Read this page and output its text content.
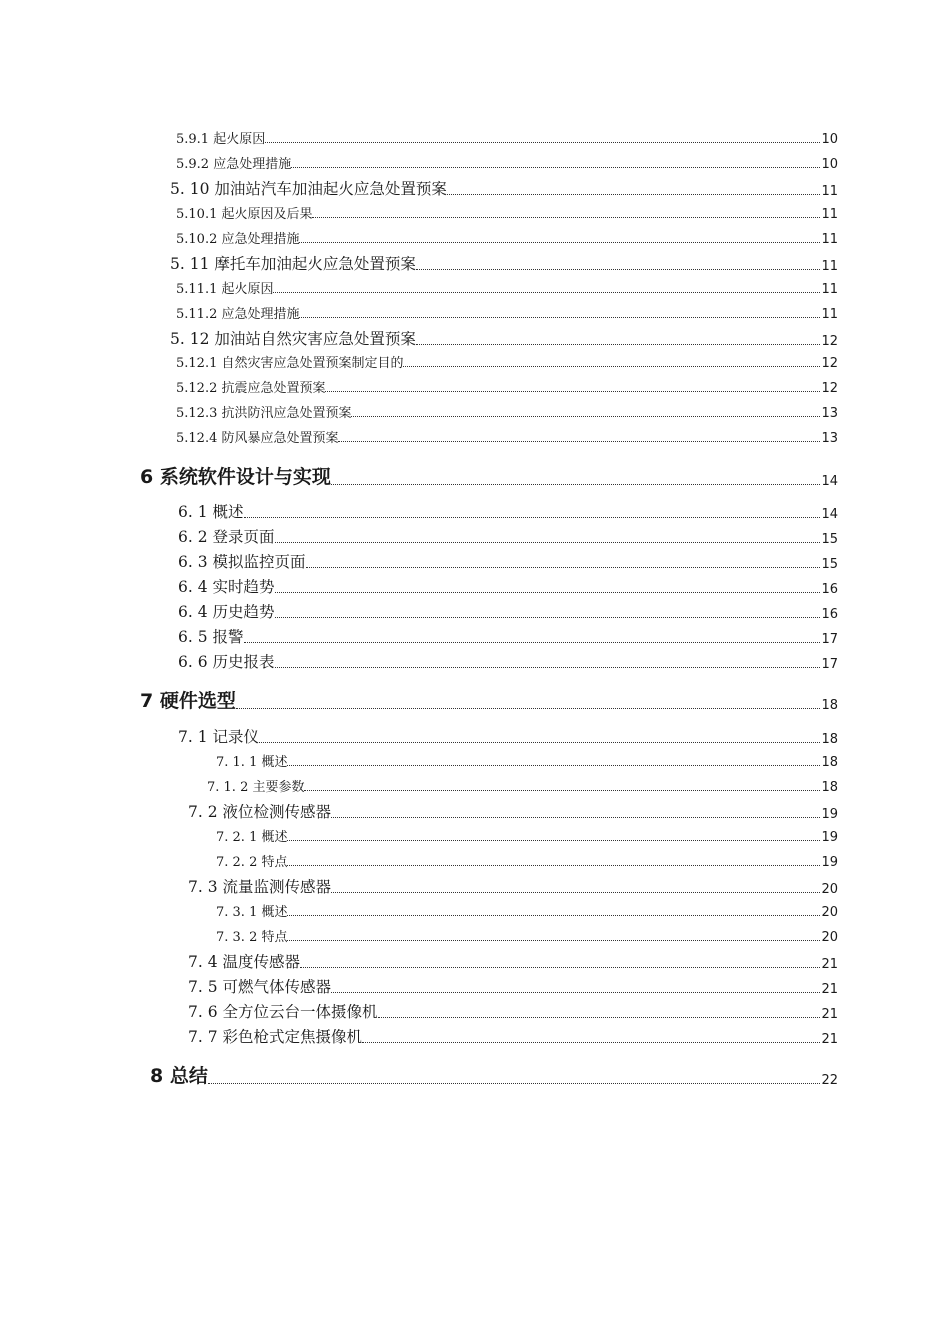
5.9.1 起火原因	10
5.9.2 应急处理措施	10
5. 10 加油站汽车加油起火应急处置预案	11
5.10.1 起火原因及后果	11
5.10.2 应急处理措施	11
5. 11 摩托车加油起火应急处置预案	11
5.11.1 起火原因	11
5.11.2 应急处理措施	11
5. 12 加油站自然灾害应急处置预案	12
5.12.1 自然灾害应急处置预案制定目的	12
5.12.2 抗震应急处置预案	12
5.12.3 抗洪防汛应急处置预案	13
5.12.4 防风暴应急处置预案	13
6 系统软件设计与实现	14
6. 1 概述	14
6. 2 登录页面	15
6. 3 模拟监控页面	15
6. 4 实时趋势	16
6. 4 历史趋势	16
6. 5 报警	17
6. 6 历史报表	17
7 硬件选型	18
7. 1 记录仪	18
7. 1. 1 概述	18
7. 1. 2 主要参数	18
7. 2 液位检测传感器	19
7. 2. 1 概述	19
7. 2. 2 特点	19
7. 3 流量监测传感器	20
7. 3. 1 概述	20
7. 3. 2 特点	20
7. 4 温度传感器	21
7. 5 可燃气体传感器	21
7. 6 全方位云台一体摄像机	21
7. 7 彩色枪式定焦摄像机	21
8 总结	22
